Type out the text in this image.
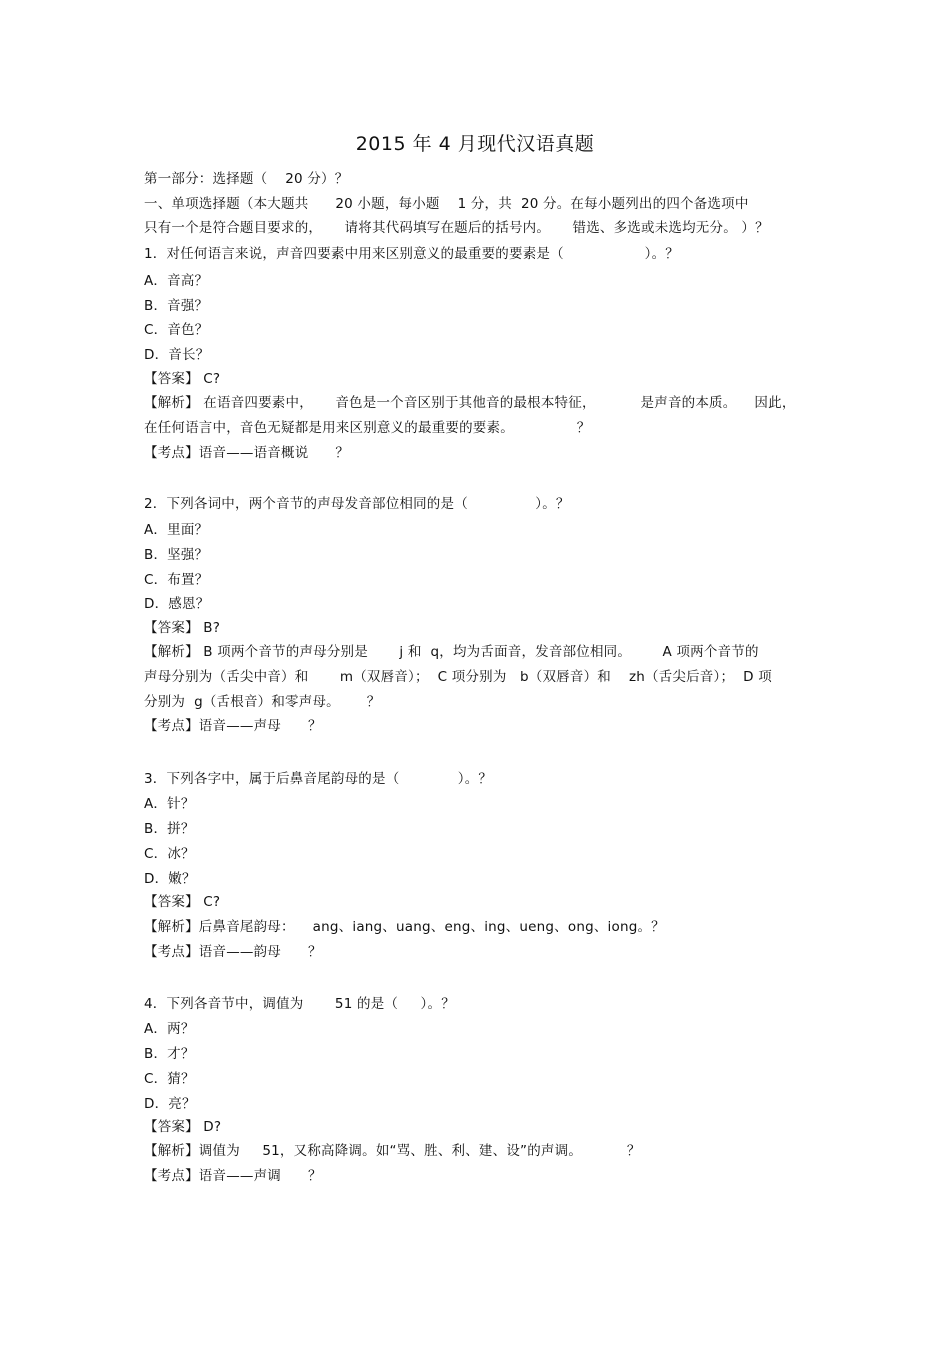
2015 年 4 月现代汉语真题
第一部分：选择题（    20 分）？
一、单项选择题（本大题共      20 小题，每小题    1 分，共  20 分。在每小题列出的四个备选项中
只有一个是符合题目要求的，     请将其代码填写在题后的括号内。     错选、多选或未选均无分。 ）？
1．对任何语言来说，声音四要素中用来区别意义的最重要的要素是（                  ）。？
A．音高？
B．音强？
C．音色？
D．音长？
【答案】 C?
【解析】 在语音四要素中，     音色是一个音区别于其他音的最根本特征，          是声音的本质。    因此，
在任何语言中，音色无疑都是用来区别意义的最重要的要素。              ？
【考点】语音——语音概说      ？
2．下列各词中，两个音节的声母发音部位相同的是（               ）。？
A．里面？
B．坚强？
C．布置？
D．感恩？
【答案】 B?
【解析】 B 项两个音节的声母分别是       j 和  q，均为舌面音，发音部位相同。       A 项两个音节的
声母分别为（舌尖中音）和       m（双唇音）；  C 项分别为   b（双唇音）和    zh（舌尖后音）；  D 项
分别为  g（舌根音）和零声母。      ？
【考点】语音——声母      ？
3．下列各字中，属于后鼻音尾韵母的是（             ）。？
A．针？
B．拼？
C．冰？
D．嫩？
【答案】 C?
【解析】后鼻音尾韵母：    ang、iang、uang、eng、ing、ueng、ong、iong。？
【考点】语音——韵母      ？
4．下列各音节中，调值为       51 的是（     ）。？
A．两？
B．才？
C．猜？
D．亮？
【答案】 D?
【解析】调值为     51，又称高降调。如“骂、胜、利、建、设”的声调。          ？
【考点】语音——声调      ？
